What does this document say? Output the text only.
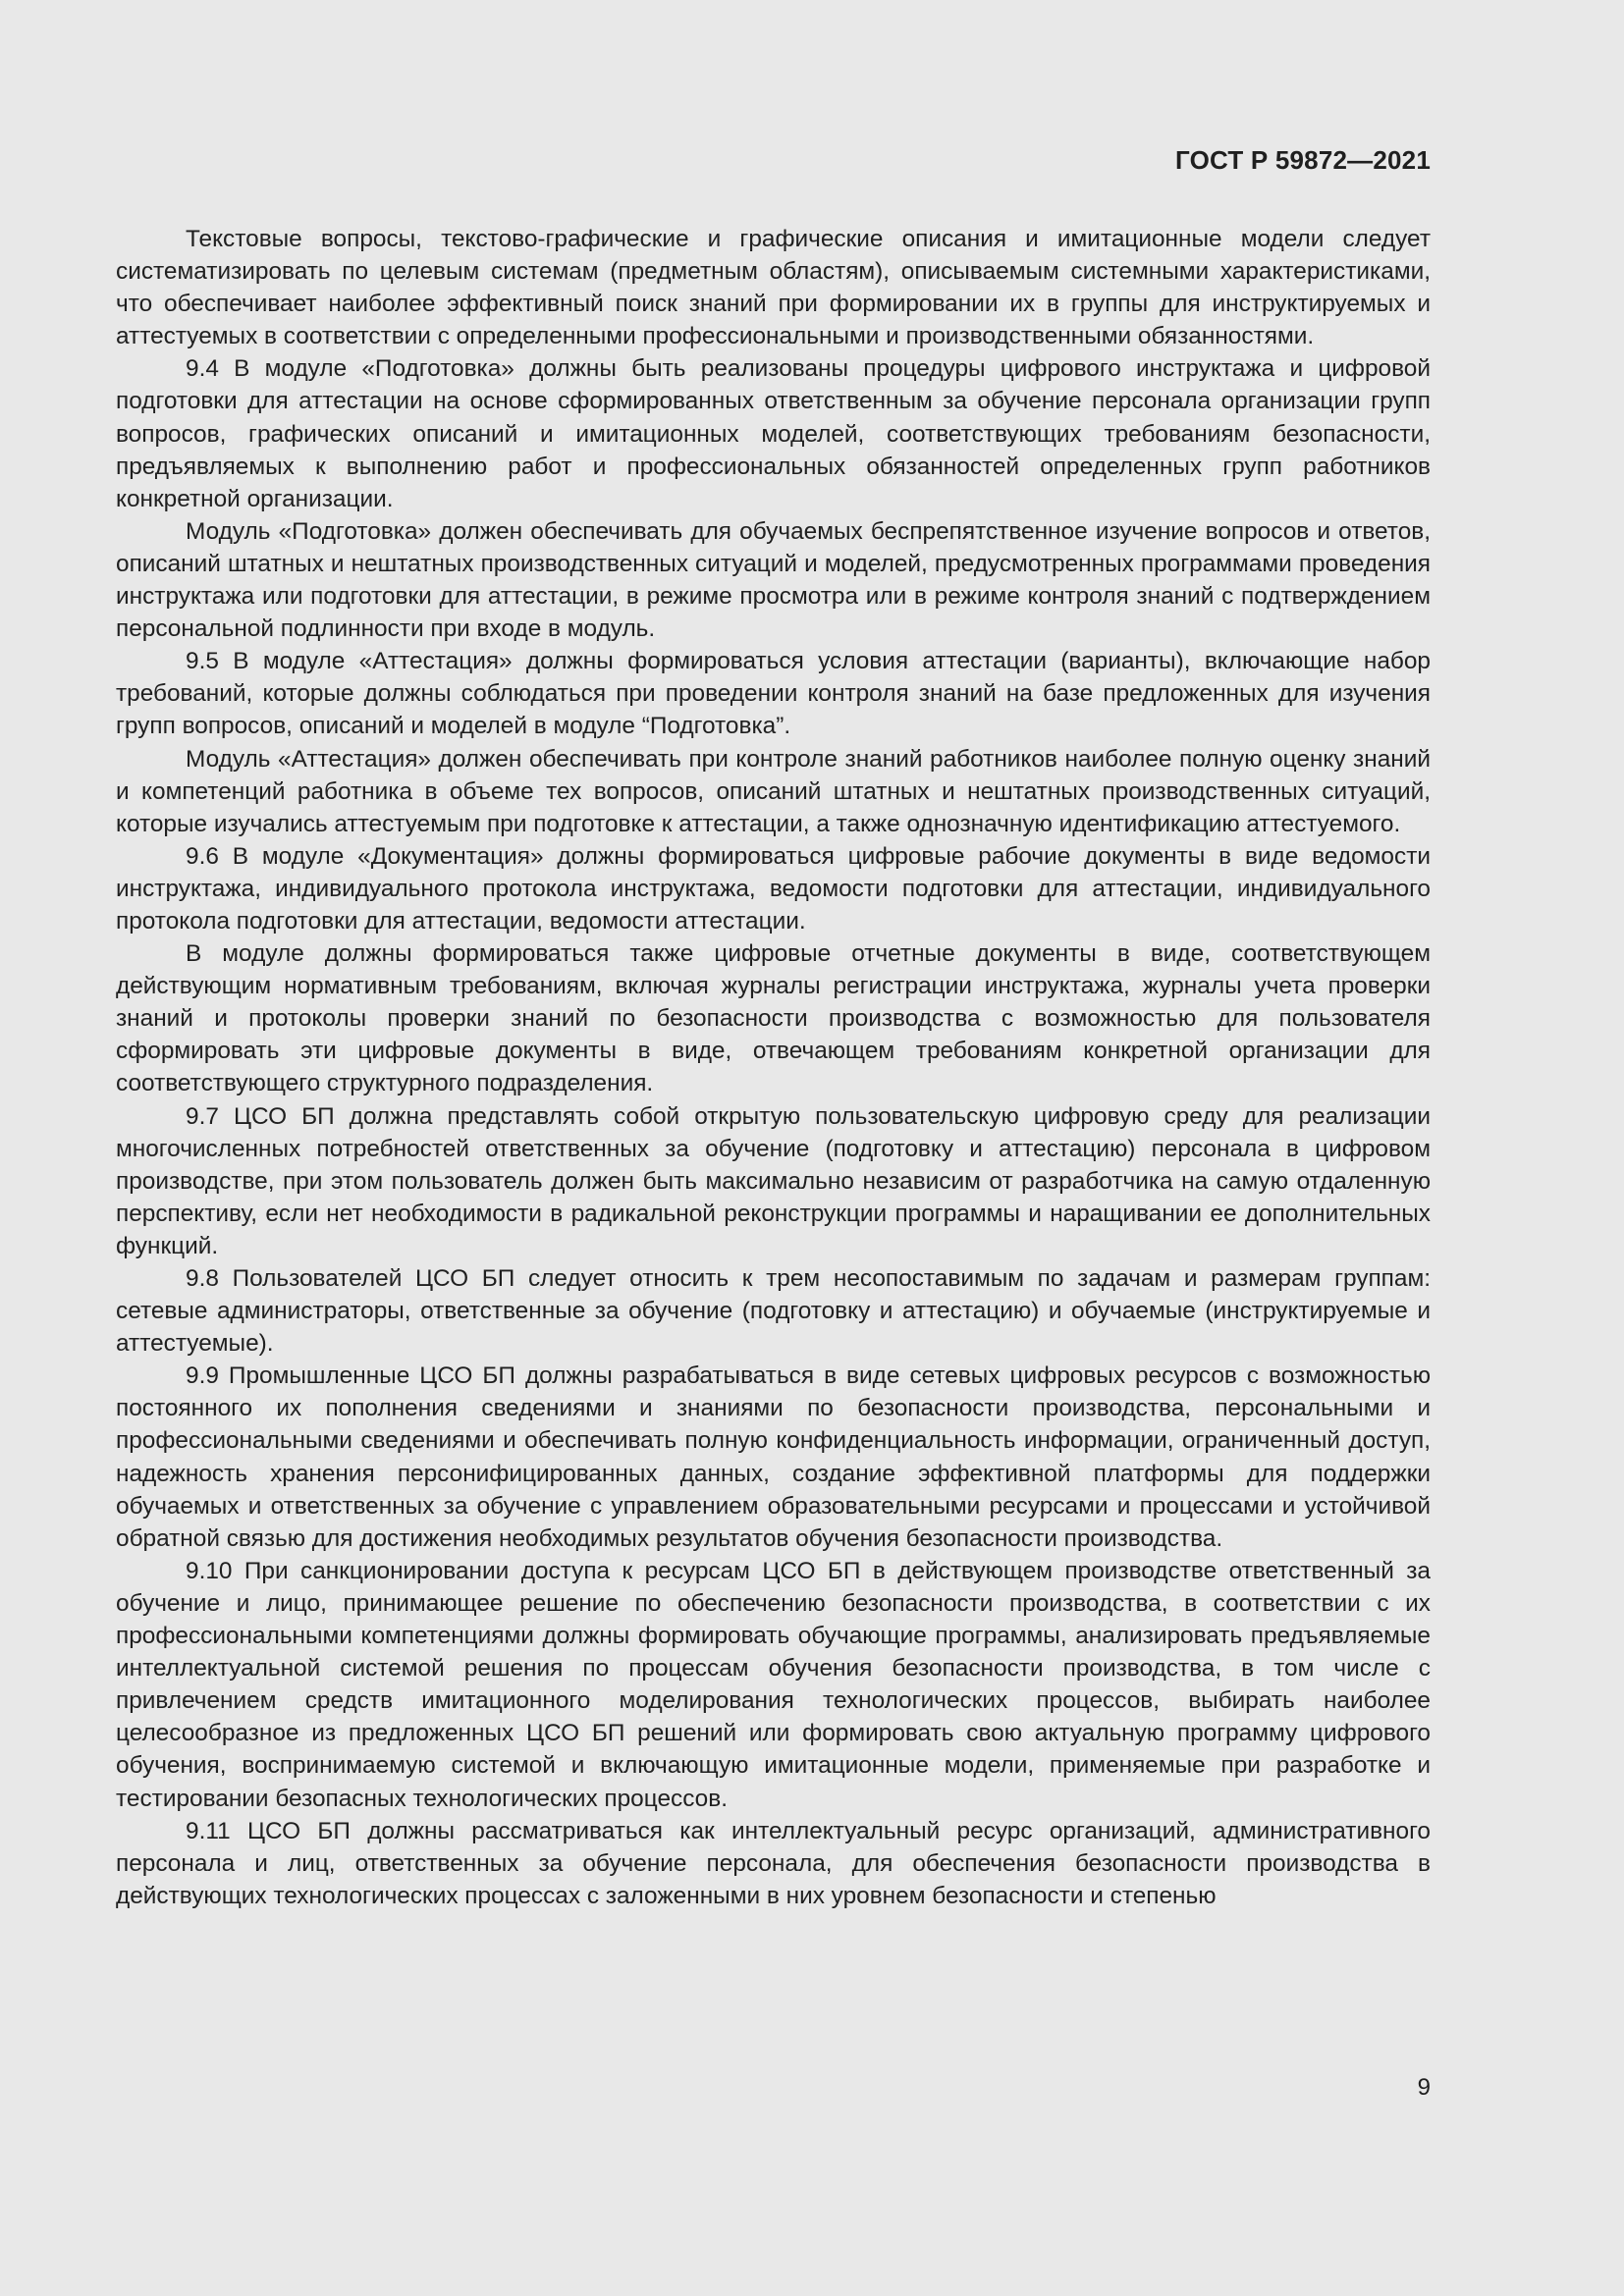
ГОСТ Р 59872—2021

Текстовые вопросы, текстово-графические и графические описания и имитационные модели следует систематизировать по целевым системам (предметным областям), описываемым системными характеристиками, что обеспечивает наиболее эффективный поиск знаний при формировании их в группы для инструктируемых и аттестуемых в соответствии с определенными профессиональными и производственными обязанностями.

9.4 В модуле «Подготовка» должны быть реализованы процедуры цифрового инструктажа и цифровой подготовки для аттестации на основе сформированных ответственным за обучение персонала организации групп вопросов, графических описаний и имитационных моделей, соответствующих требованиям безопасности, предъявляемых к выполнению работ и профессиональных обязанностей определенных групп работников конкретной организации.

Модуль «Подготовка» должен обеспечивать для обучаемых беспрепятственное изучение вопросов и ответов, описаний штатных и нештатных производственных ситуаций и моделей, предусмотренных программами проведения инструктажа или подготовки для аттестации, в режиме просмотра или в режиме контроля знаний с подтверждением персональной подлинности при входе в модуль.

9.5 В модуле «Аттестация» должны формироваться условия аттестации (варианты), включающие набор требований, которые должны соблюдаться при проведении контроля знаний на базе предложенных для изучения групп вопросов, описаний и моделей в модуле “Подготовка”.

Модуль «Аттестация» должен обеспечивать при контроле знаний работников наиболее полную оценку знаний и компетенций работника в объеме тех вопросов, описаний штатных и нештатных производственных ситуаций, которые изучались аттестуемым при подготовке к аттестации, а также однозначную идентификацию аттестуемого.

9.6 В модуле «Документация» должны формироваться цифровые рабочие документы в виде ведомости инструктажа, индивидуального протокола инструктажа, ведомости подготовки для аттестации, индивидуального протокола подготовки для аттестации, ведомости аттестации.

В модуле должны формироваться также цифровые отчетные документы в виде, соответствующем действующим нормативным требованиям, включая журналы регистрации инструктажа, журналы учета проверки знаний и протоколы проверки знаний по безопасности производства с возможностью для пользователя сформировать эти цифровые документы в виде, отвечающем требованиям конкретной организации для соответствующего структурного подразделения.

9.7 ЦСО БП должна представлять собой открытую пользовательскую цифровую среду для реализации многочисленных потребностей ответственных за обучение (подготовку и аттестацию) персонала в цифровом производстве, при этом пользователь должен быть максимально независим от разработчика на самую отдаленную перспективу, если нет необходимости в радикальной реконструкции программы и наращивании ее дополнительных функций.

9.8 Пользователей ЦСО БП следует относить к трем несопоставимым по задачам и размерам группам: сетевые администраторы, ответственные за обучение (подготовку и аттестацию) и обучаемые (инструктируемые и аттестуемые).

9.9 Промышленные ЦСО БП должны разрабатываться в виде сетевых цифровых ресурсов с возможностью постоянного их пополнения сведениями и знаниями по безопасности производства, персональными и профессиональными сведениями и обеспечивать полную конфиденциальность информации, ограниченный доступ, надежность хранения персонифицированных данных, создание эффективной платформы для поддержки обучаемых и ответственных за обучение с управлением образовательными ресурсами и процессами и устойчивой обратной связью для достижения необходимых результатов обучения безопасности производства.

9.10 При санкционировании доступа к ресурсам ЦСО БП в действующем производстве ответственный за обучение и лицо, принимающее решение по обеспечению безопасности производства, в соответствии с их профессиональными компетенциями должны формировать обучающие программы, анализировать предъявляемые интеллектуальной системой решения по процессам обучения безопасности производства, в том числе с привлечением средств имитационного моделирования технологических процессов, выбирать наиболее целесообразное из предложенных ЦСО БП решений или формировать свою актуальную программу цифрового обучения, воспринимаемую системой и включающую имитационные модели, применяемые при разработке и тестировании безопасных технологических процессов.

9.11 ЦСО БП должны рассматриваться как интеллектуальный ресурс организаций, административного персонала и лиц, ответственных за обучение персонала, для обеспечения безопасности производства в действующих технологических процессах с заложенными в них уровнем безопасности и степенью

9
